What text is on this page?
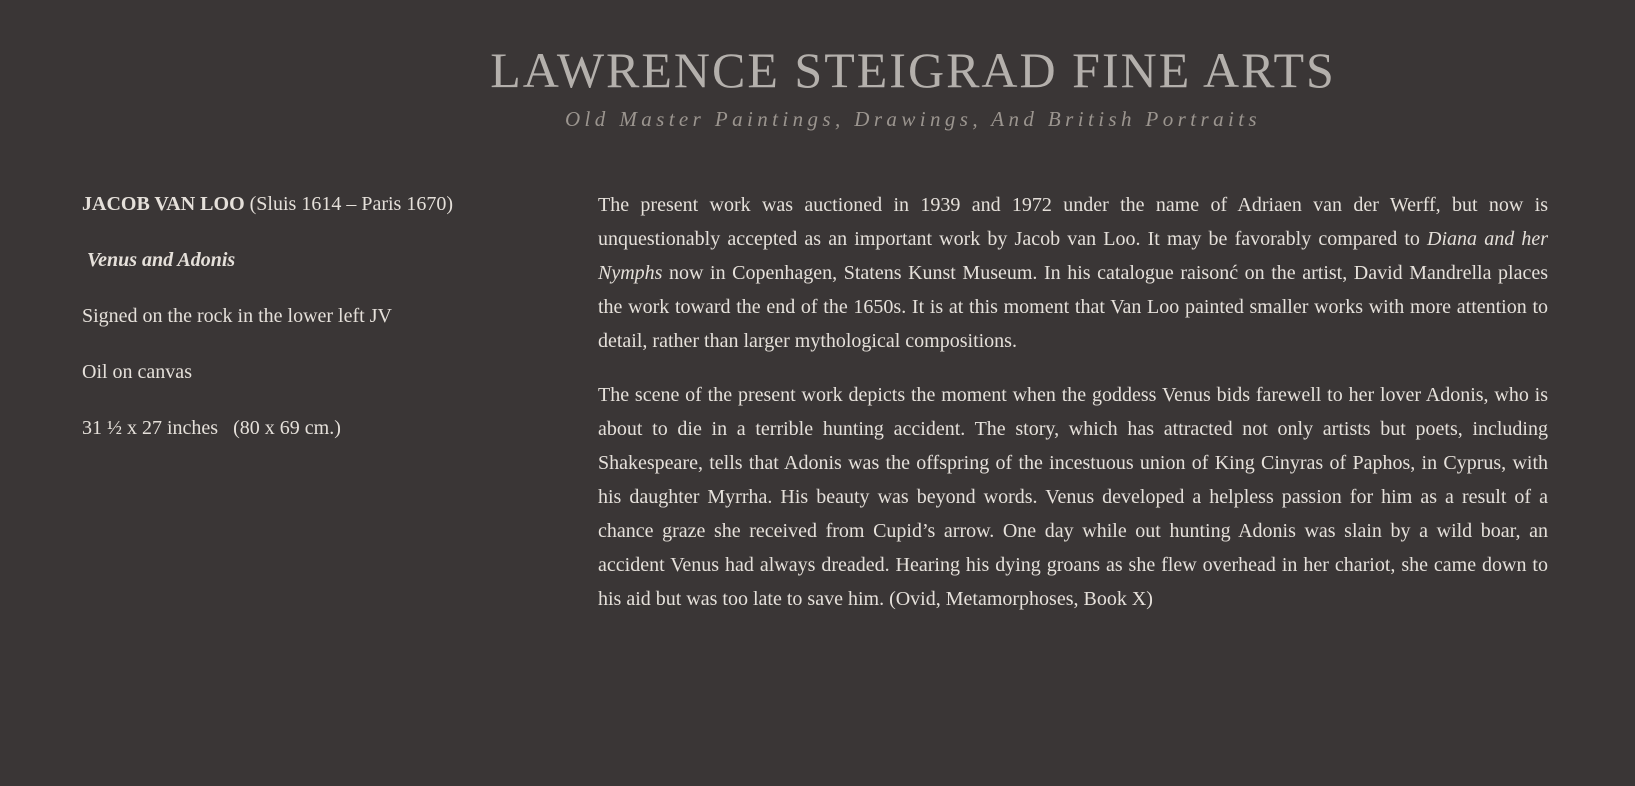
LAWRENCE STEIGRAD FINE ARTS
Old Master Paintings, Drawings, And British Portraits
JACOB VAN LOO (Sluis 1614 – Paris 1670)
Venus and Adonis
Signed on the rock in the lower left JV
Oil on canvas
31 ½ x 27 inches   (80 x 69 cm.)

The present work was auctioned in 1939 and 1972 under the name of Adriaen van der Werff, but now is unquestionably accepted as an important work by Jacob van Loo. It may be favorably compared to Diana and her Nymphs now in Copenhagen, Statens Kunst Museum. In his catalogue raisonć on the artist, David Mandrella places the work toward the end of the 1650s. It is at this moment that Van Loo painted smaller works with more attention to detail, rather than larger mythological compositions.

The scene of the present work depicts the moment when the goddess Venus bids farewell to her lover Adonis, who is about to die in a terrible hunting accident. The story, which has attracted not only artists but poets, including Shakespeare, tells that Adonis was the offspring of the incestuous union of King Cinyras of Paphos, in Cyprus, with his daughter Myrrha. His beauty was beyond words. Venus developed a helpless passion for him as a result of a chance graze she received from Cupid’s arrow. One day while out hunting Adonis was slain by a wild boar, an accident Venus had always dreaded. Hearing his dying groans as she flew overhead in her chariot, she came down to his aid but was too late to save him. (Ovid, Metamorphoses, Book X)
